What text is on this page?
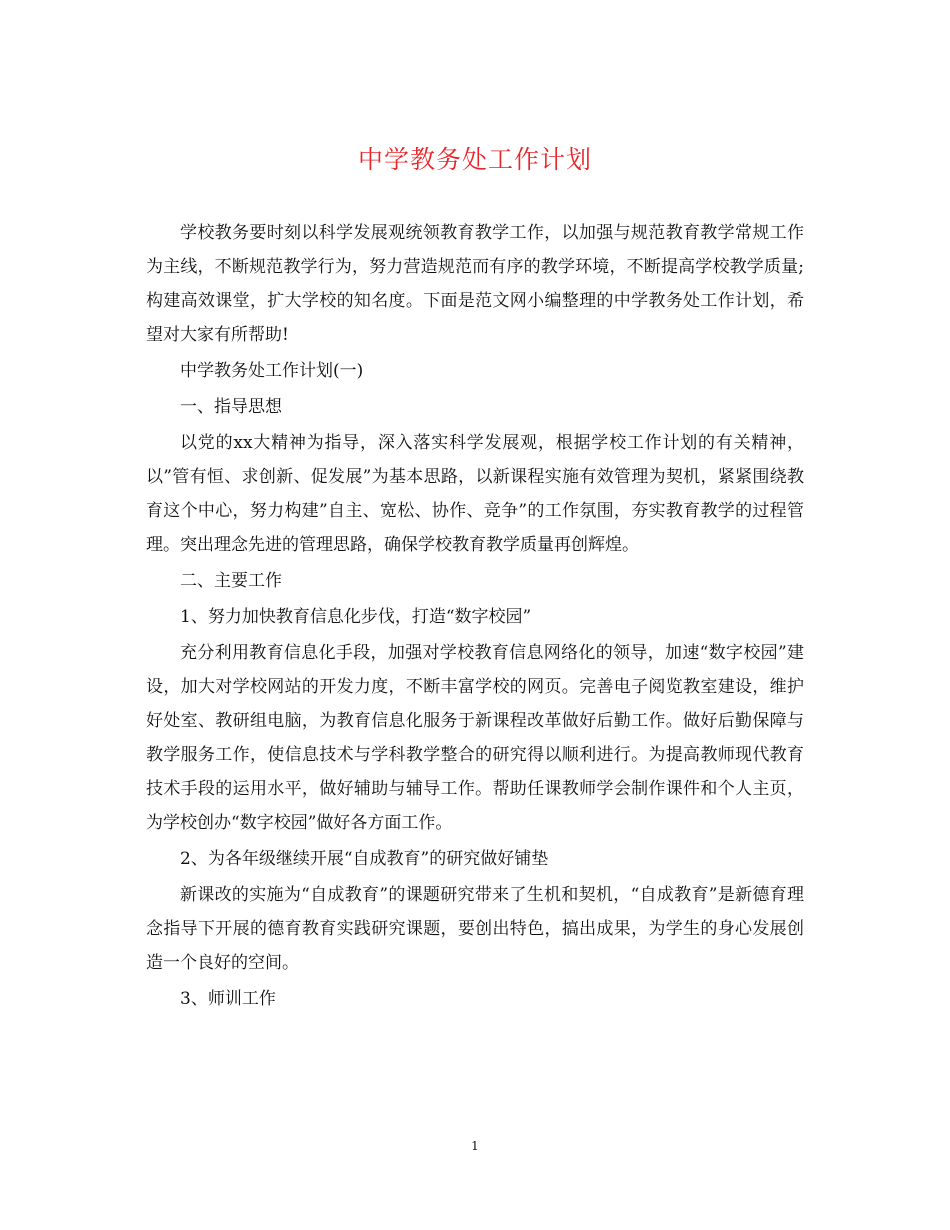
中学教务处工作计划

学校教务要时刻以科学发展观统领教育教学工作，以加强与规范教育教学常规工作为主线，不断规范教学行为，努力营造规范而有序的教学环境，不断提高学校教学质量;构建高效课堂，扩大学校的知名度。下面是范文网小编整理的中学教务处工作计划，希望对大家有所帮助!

中学教务处工作计划(一)

一、指导思想

以党的xx大精神为指导，深入落实科学发展观，根据学校工作计划的有关精神，以”管有恒、求创新、促发展”为基本思路，以新课程实施有效管理为契机，紧紧围绕教育这个中心，努力构建”自主、宽松、协作、竞争”的工作氛围，夯实教育教学的过程管理。突出理念先进的管理思路，确保学校教育教学质量再创辉煌。

二、主要工作

1、努力加快教育信息化步伐，打造“数字校园”

充分利用教育信息化手段，加强对学校教育信息网络化的领导，加速“数字校园”建设，加大对学校网站的开发力度，不断丰富学校的网页。完善电子阅览教室建设，维护好处室、教研组电脑，为教育信息化服务于新课程改革做好后勤工作。做好后勤保障与教学服务工作，使信息技术与学科教学整合的研究得以顺利进行。为提高教师现代教育技术手段的运用水平，做好辅助与辅导工作。帮助任课教师学会制作课件和个人主页，为学校创办“数字校园”做好各方面工作。

2、为各年级继续开展“自成教育”的研究做好铺垫

新课改的实施为“自成教育”的课题研究带来了生机和契机，“自成教育”是新德育理念指导下开展的德育教育实践研究课题，要创出特色，搞出成果，为学生的身心发展创造一个良好的空间。

3、师训工作

1
